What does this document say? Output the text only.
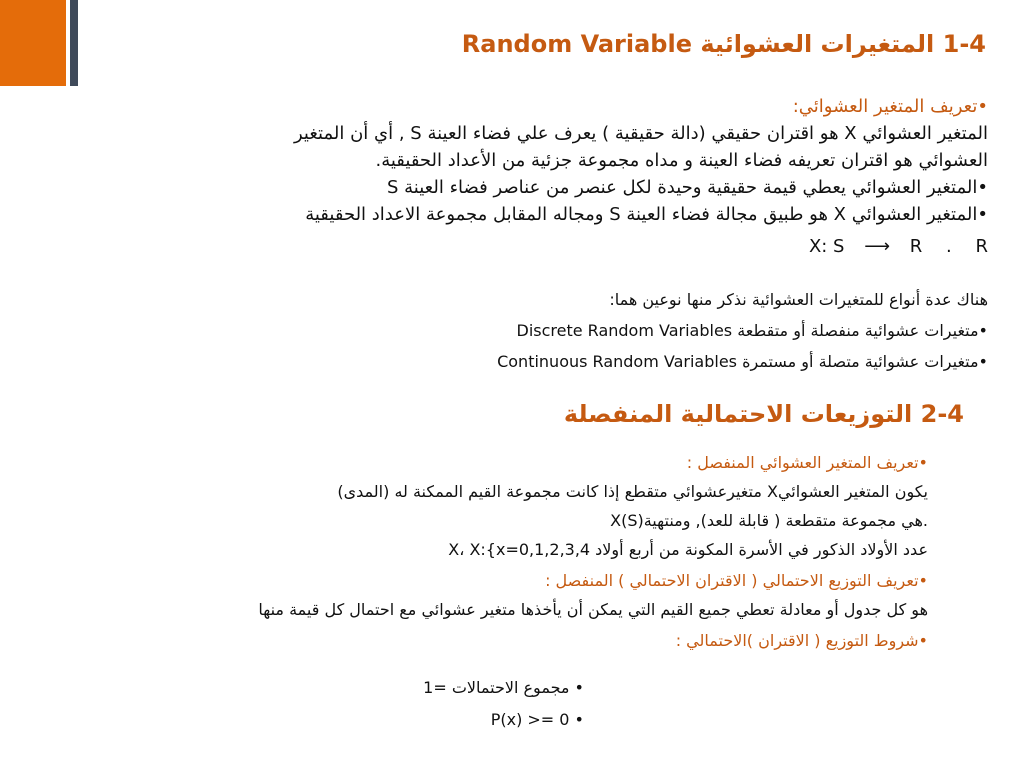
1-4 المتغيرات العشوائية Random Variable
•تعريف المتغير العشوائي:
المتغير العشوائي X هو اقتران حقيقي (دالة حقيقية ) يعرف علي فضاء العينة S , أي أن المتغير
العشوائي هو اقتران تعريفه فضاء العينة و مداه مجموعة جزئية من الأعداد الحقيقية.
•المتغير العشوائي يعطي قيمة حقيقية وحيدة لكل عنصر من عناصر فضاء العينة S
•المتغير العشوائي X هو طبيق مجالة فضاء العينة S ومجاله المقابل مجموعة الاعداد الحقيقية
X: S ⟶ R . R
هناك عدة أنواع للمتغيرات العشوائية نذكر منها نوعين هما:
•متغيرات عشوائية منفصلة أو متقطعة Discrete Random Variables
•متغيرات عشوائية متصلة أو مستمرة Continuous Random Variables
2-4 التوزيعات الاحتمالية المنفصلة
•تعريف المتغير العشوائي المنفصل :
يكون المتغير العشوائيX متغيرعشوائي متقطع إذا كانت مجموعة القيم الممكنة له (المدى)
X(S)هي مجموعة متقطعة ( قابلة للعد), ومنتهية.
عدد الأولاد الذكور في الأسرة المكونة من أربع أولاد X، X:{x=0,1,2,3,4
•تعريف التوزيع الاحتمالي ( الاقتران الاحتمالي ) المنفصل :
هو كل جدول أو معادلة تعطي جميع القيم التي يمكن أن يأخذها متغير عشوائي مع احتمال كل قيمة منها
•شروط التوزيع ( الاقتران )الاحتمالي :
• مجموع الاحتمالات =1
P(x) >= 0 •
